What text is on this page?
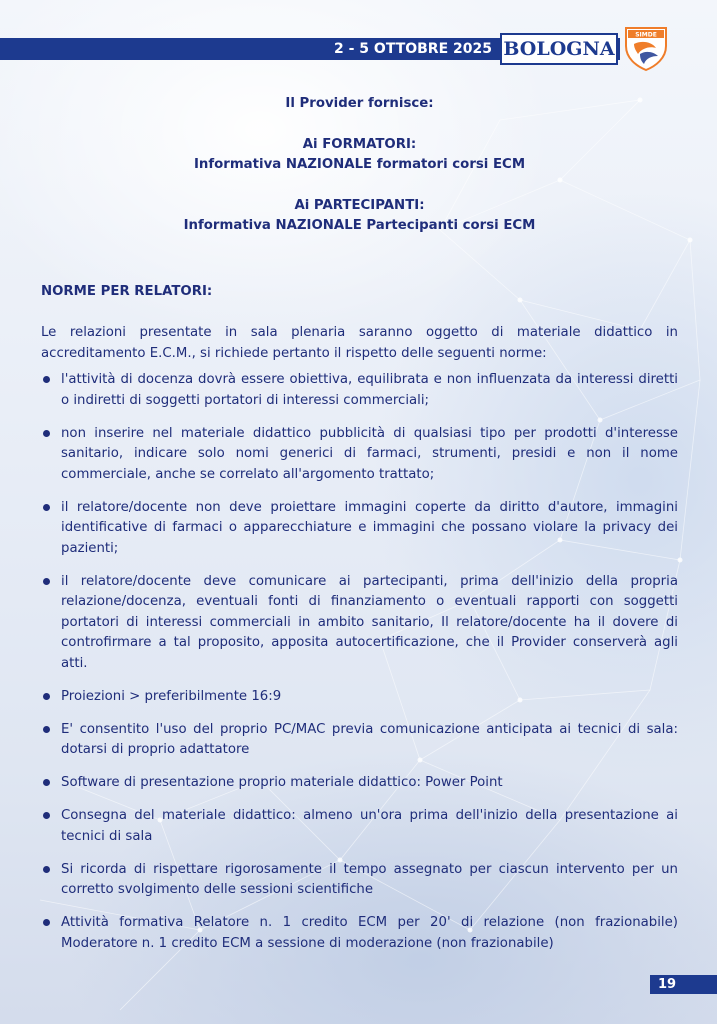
2 - 5 OTTOBRE 2025 BOLOGNA
SIMDE

Il Provider fornisce:

Ai FORMATORI:

Informativa NAZIONALE formatori corsi ECM

Ai PARTECIPANTI:

Informativa NAZIONALE Partecipanti corsi ECM

NORME PER RELATORI:

Le relazioni presentate in sala plenaria saranno oggetto di materiale didattico in accreditamento E.C.M., si richiede pertanto il rispetto delle seguenti norme:

l'attività di docenza dovrà essere obiettiva, equilibrata e non influenzata da interessi diretti o indiretti di soggetti portatori di interessi commerciali;
non inserire nel materiale didattico pubblicità di qualsiasi tipo per prodotti d'interesse sanitario, indicare solo nomi generici di farmaci, strumenti, presidi e non il nome commerciale, anche se correlato all'argomento trattato;
il relatore/docente non deve proiettare immagini coperte da diritto d'autore, immagini identificative di farmaci o apparecchiature e immagini che possano violare la privacy dei pazienti;
il relatore/docente deve comunicare ai partecipanti, prima dell'inizio della propria relazione/docenza, eventuali fonti di finanziamento o eventuali rapporti con soggetti portatori di interessi commerciali in ambito sanitario, Il relatore/docente ha il dovere di controfirmare a tal proposito, apposita autocertificazione, che il Provider conserverà agli atti.
Proiezioni > preferibilmente 16:9
E' consentito l'uso del proprio PC/MAC previa comunicazione anticipata ai tecnici di sala: dotarsi di proprio adattatore
Software di presentazione proprio materiale didattico: Power Point
Consegna del materiale didattico: almeno un'ora prima dell'inizio della presentazione ai tecnici di sala
Si ricorda di rispettare rigorosamente il tempo assegnato per ciascun intervento per un corretto svolgimento delle sessioni scientifiche
Attività formativa Relatore n. 1 credito ECM per 20' di relazione (non frazionabile) Moderatore n. 1 credito ECM a sessione di moderazione (non frazionabile)
19
